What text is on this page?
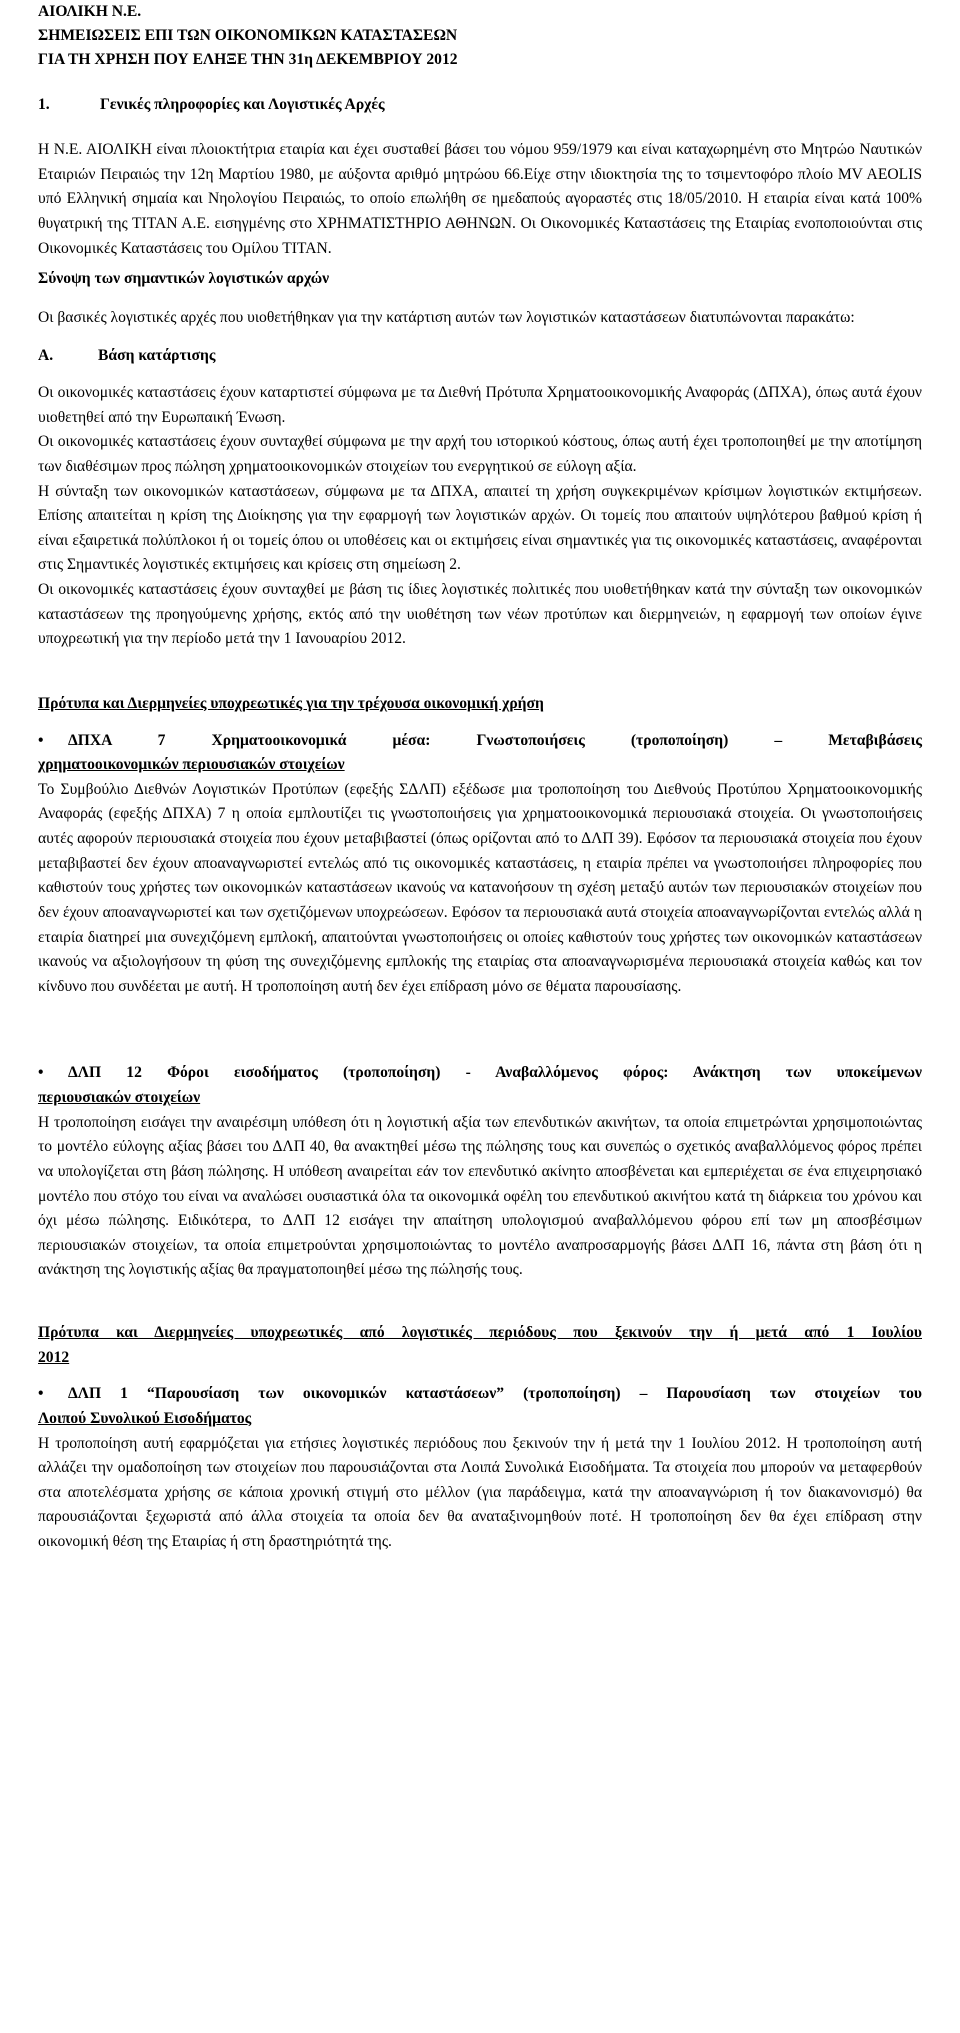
ΑΙΟΛΙΚΗ Ν.Ε.

ΣΗΜΕΙΩΣΕΙΣ ΕΠΙ ΤΩΝ ΟΙΚΟΝΟΜΙΚΩΝ ΚΑΤΑΣΤΑΣΕΩΝ

ΓΙΑ ΤΗ ΧΡΗΣΗ ΠΟΥ ΕΛΗΞΕ ΤΗΝ 31η ΔΕΚΕΜΒΡΙΟΥ 2012

1.	Γενικές πληροφορίες και Λογιστικές Αρχές

Η Ν.Ε. ΑΙΟΛΙΚΗ είναι πλοιοκτήτρια εταιρία και έχει συσταθεί βάσει του νόμου 959/1979 και είναι καταχωρημένη στο Μητρώο Ναυτικών Εταιριών Πειραιώς την 12η Μαρτίου 1980, με αύξοντα αριθμό μητρώου 66.Είχε στην ιδιοκτησία της το τσιμεντοφόρο πλοίο MV AEOLIS υπό Ελληνική σημαία και Νηολογίου Πειραιώς, το οποίο επωλήθη σε ημεδαπούς αγοραστές στις 18/05/2010. Η εταιρία είναι κατά 100% θυγατρική της ΤΙΤΑΝ Α.Ε. εισηγμένης στο ΧΡΗΜΑΤΙΣΤΗΡΙΟ ΑΘΗΝΩΝ. Οι Οικονομικές Καταστάσεις της Εταιρίας ενοποποιούνται στις Οικονομικές Καταστάσεις του Ομίλου ΤΙΤΑΝ.

Σύνοψη των σημαντικών λογιστικών αρχών

Οι βασικές λογιστικές αρχές που υιοθετήθηκαν για την κατάρτιση αυτών των λογιστικών καταστάσεων διατυπώνονται παρακάτω:

Α.	Βάση κατάρτισης

Οι οικονομικές καταστάσεις έχουν καταρτιστεί σύμφωνα με τα Διεθνή Πρότυπα Χρηματοοικονομικής Αναφοράς (ΔΠΧΑ), όπως αυτά έχουν υιοθετηθεί από την Ευρωπαική Ένωση.

Οι οικονομικές καταστάσεις έχουν συνταχθεί σύμφωνα με την αρχή του ιστορικού κόστους, όπως αυτή έχει τροποποιηθεί με την αποτίμηση των διαθέσιμων προς πώληση χρηματοοικονομικών στοιχείων του ενεργητικού σε εύλογη αξία.

Η σύνταξη των οικονομικών καταστάσεων, σύμφωνα με τα ΔΠΧΑ, απαιτεί τη χρήση συγκεκριμένων κρίσιμων λογιστικών εκτιμήσεων. Επίσης απαιτείται η κρίση της Διοίκησης για την εφαρμογή των λογιστικών αρχών. Οι τομείς που απαιτούν υψηλότερου βαθμού κρίση ή είναι εξαιρετικά πολύπλοκοι ή οι τομείς όπου οι υποθέσεις και οι εκτιμήσεις είναι σημαντικές για τις οικονομικές καταστάσεις, αναφέρονται στις Σημαντικές λογιστικές εκτιμήσεις και κρίσεις στη σημείωση 2.

Οι οικονομικές καταστάσεις έχουν συνταχθεί με βάση τις ίδιες λογιστικές πολιτικές που υιοθετήθηκαν κατά την σύνταξη των οικονομικών καταστάσεων της προηγούμενης χρήσης, εκτός από την υιοθέτηση των νέων προτύπων και διερμηνειών, η εφαρμογή των οποίων έγινε υποχρεωτική για την περίοδο μετά την 1 Ιανουαρίου 2012.

Πρότυπα και Διερμηνείες υποχρεωτικές για την τρέχουσα οικονομική χρήση

• ΔΠΧΑ 7 Χρηματοοικονομικά μέσα: Γνωστοποιήσεις (τροποποίηση) – Μεταβιβάσεις

χρηματοοικονομικών περιουσιακών στοιχείων

Το Συμβούλιο Διεθνών Λογιστικών Προτύπων (εφεξής ΣΔΛΠ) εξέδωσε μια τροποποίηση του Διεθνούς Προτύπου Χρηματοοικονομικής Αναφοράς (εφεξής ΔΠΧΑ) 7 η οποία εμπλουτίζει τις γνωστοποιήσεις για χρηματοοικονομικά περιουσιακά στοιχεία. Οι γνωστοποιήσεις αυτές αφορούν περιουσιακά στοιχεία που έχουν μεταβιβαστεί (όπως ορίζονται από το ΔΛΠ 39). Εφόσον τα περιουσιακά στοιχεία που έχουν μεταβιβαστεί δεν έχουν αποαναγνωριστεί εντελώς από τις οικονομικές καταστάσεις, η εταιρία πρέπει να γνωστοποιήσει πληροφορίες που καθιστούν τους χρήστες των οικονομικών καταστάσεων ικανούς να κατανοήσουν τη σχέση μεταξύ αυτών των περιουσιακών στοιχείων που δεν έχουν αποαναγνωριστεί και των σχετιζόμενων υποχρεώσεων. Εφόσον τα περιουσιακά αυτά στοιχεία αποαναγνωρίζονται εντελώς αλλά η εταιρία διατηρεί μια συνεχιζόμενη εμπλοκή, απαιτούνται γνωστοποιήσεις οι οποίες καθιστούν τους χρήστες των οικονομικών καταστάσεων ικανούς να αξιολογήσουν τη φύση της συνεχιζόμενης εμπλοκής της εταιρίας στα αποαναγνωρισμένα περιουσιακά στοιχεία καθώς και τον κίνδυνο που συνδέεται με αυτή. Η τροποποίηση αυτή δεν έχει επίδραση μόνο σε θέματα παρουσίασης.

• ΔΛΠ 12 Φόροι εισοδήματος (τροποποίηση) - Αναβαλλόμενος φόρος: Ανάκτηση των υποκείμενων

περιουσιακών στοιχείων

Η τροποποίηση εισάγει την αναιρέσιμη υπόθεση ότι η λογιστική αξία των επενδυτικών ακινήτων, τα οποία επιμετρώνται χρησιμοποιώντας το μοντέλο εύλογης αξίας βάσει του ΔΛΠ 40, θα ανακτηθεί μέσω της πώλησης τους και συνεπώς ο σχετικός αναβαλλόμενος φόρος πρέπει να υπολογίζεται στη βάση πώλησης. Η υπόθεση αναιρείται εάν τον επενδυτικό ακίνητο αποσβένεται και εμπεριέχεται σε ένα επιχειρησιακό μοντέλο που στόχο του είναι να αναλώσει ουσιαστικά όλα τα οικονομικά οφέλη του επενδυτικού ακινήτου κατά τη διάρκεια του χρόνου και όχι μέσω πώλησης. Ειδικότερα, το ΔΛΠ 12 εισάγει την απαίτηση υπολογισμού αναβαλλόμενου φόρου επί των μη αποσβέσιμων περιουσιακών στοιχείων, τα οποία επιμετρούνται χρησιμοποιώντας το μοντέλο αναπροσαρμογής βάσει ΔΛΠ 16, πάντα στη βάση ότι η ανάκτηση της λογιστικής αξίας θα πραγματοποιηθεί μέσω της πώλησής τους.

Πρότυπα και Διερμηνείες υποχρεωτικές από λογιστικές περιόδους που ξεκινούν την ή μετά από 1 Ιουλίου

2012

• ΔΛΠ 1 “Παρουσίαση των οικονομικών καταστάσεων” (τροποποίηση) – Παρουσίαση των στοιχείων του

Λοιπού Συνολικού Εισοδήματος

Η τροποποίηση αυτή εφαρμόζεται για ετήσιες λογιστικές περιόδους που ξεκινούν την ή μετά την 1 Ιουλίου 2012. Η τροποποίηση αυτή αλλάζει την ομαδοποίηση των στοιχείων που παρουσιάζονται στα Λοιπά Συνολικά Εισοδήματα. Τα στοιχεία που μπορούν να μεταφερθούν στα αποτελέσματα χρήσης σε κάποια χρονική στιγμή στο μέλλον (για παράδειγμα, κατά την αποαναγνώριση ή τον διακανονισμό) θα παρουσιάζονται ξεχωριστά από άλλα στοιχεία τα οποία δεν θα αναταξινομηθούν ποτέ. Η τροποποίηση δεν θα έχει επίδραση στην οικονομική θέση της Εταιρίας ή στη δραστηριότητά της.
